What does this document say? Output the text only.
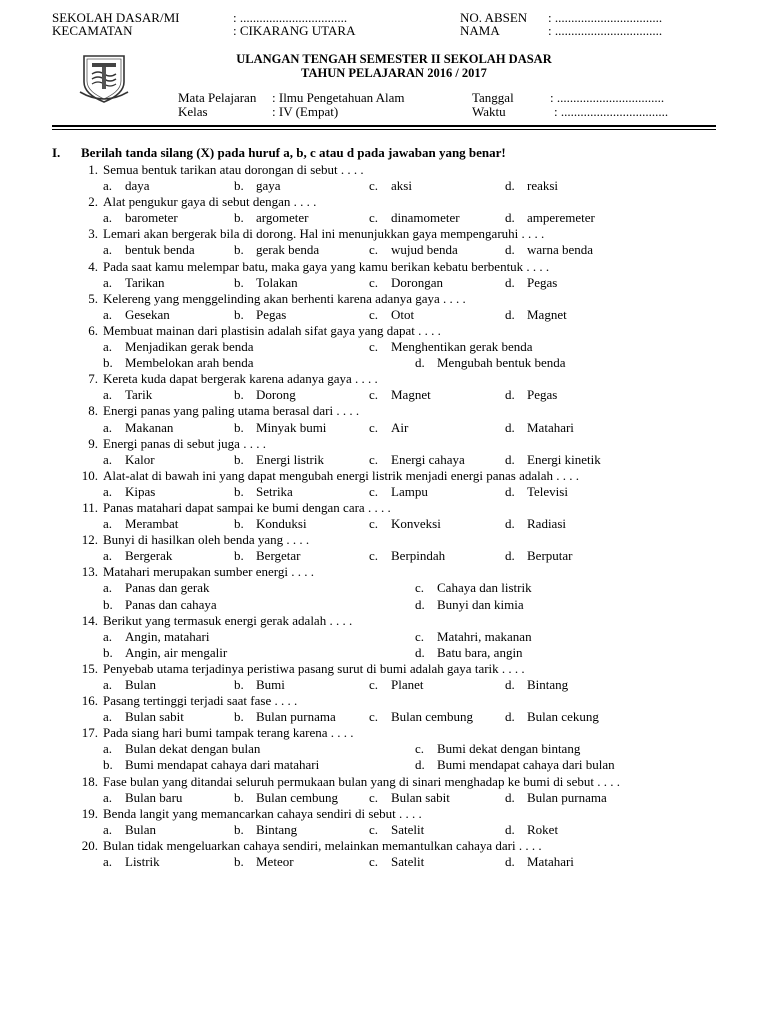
SEKOLAH DASAR/MI	: .................................
KECAMATAN	: CIKARANG UTARA
NO. ABSEN : .................................
NAMA	: .................................
ULANGAN TENGAH SEMESTER II SEKOLAH DASAR
TAHUN PELAJARAN 2016 / 2017
Mata Pelajaran : Ilmu Pengetahuan Alam
Kelas	: IV (Empat)
Tanggal	: .................................
Waktu	: .................................
I. Berilah tanda silang (X) pada huruf a, b, c atau d pada jawaban yang benar!
1. Semua bentuk tarikan atau dorongan di sebut . . . .
a. daya	b. gaya	c. aksi	d. reaksi
2. Alat pengukur gaya di sebut dengan . . . .
a. barometer	b. argometer	c. dinamometer	d. amperemeter
3. Lemari akan bergerak bila di dorong. Hal ini menunjukkan gaya mempengaruhi . . . .
a. bentuk benda	b. gerak benda	c. wujud benda	d. warna benda
4. Pada saat kamu melempar batu, maka gaya yang kamu berikan kebatu berbentuk . . . .
a. Tarikan	b. Tolakan	c. Dorongan	d. Pegas
5. Kelereng yang menggelinding akan berhenti karena adanya gaya . . . .
a. Gesekan	b. Pegas	c. Otot	d. Magnet
6. Membuat mainan dari plastisin adalah sifat gaya yang dapat . . . .
a. Menjadikan gerak benda	c. Menghentikan gerak benda
b. Membelokan arah benda	d. Mengubah bentuk benda
7. Kereta kuda dapat bergerak karena adanya gaya . . . .
a. Tarik	b. Dorong	c. Magnet	d. Pegas
8. Energi panas yang paling utama berasal dari . . . .
a. Makanan	b. Minyak bumi	c. Air	d. Matahari
9. Energi panas di sebut juga . . . .
a. Kalor	b. Energi listrik	c. Energi cahaya	d. Energi kinetik
10. Alat-alat di bawah ini yang dapat mengubah energi listrik menjadi energi panas adalah . . . .
a. Kipas	b. Setrika	c. Lampu	d. Televisi
11. Panas matahari dapat sampai ke bumi dengan cara . . . .
a. Merambat	b. Konduksi	c. Konveksi	d. Radiasi
12. Bunyi di hasilkan oleh benda yang . . . .
a. Bergerak	b. Bergetar	c. Berpindah	d. Berputar
13. Matahari merupakan sumber energi . . . .
a. Panas dan gerak	c. Cahaya dan listrik
b. Panas dan cahaya	d. Bunyi dan kimia
14. Berikut yang termasuk energi gerak adalah . . . .
a. Angin, matahari	c. Matahri, makanan
b. Angin, air mengalir	d. Batu bara, angin
15. Penyebab utama terjadinya peristiwa pasang surut di bumi adalah gaya tarik . . . .
a. Bulan	b. Bumi	c. Planet	d. Bintang
16. Pasang tertinggi terjadi saat fase . . . .
a. Bulan sabit	b. Bulan purnama	c. Bulan cembung d. Bulan cekung
17. Pada siang hari bumi tampak terang karena . . . .
a. Bulan dekat dengan bulan	c. Bumi dekat dengan bintang
b. Bumi mendapat cahaya dari matahari	d. Bumi mendapat cahaya dari bulan
18. Fase bulan yang ditandai seluruh permukaan bulan yang di sinari menghadap ke bumi di sebut . . . .
a. Bulan baru	b. Bulan cembung c. Bulan sabit	d. Bulan purnama
19. Benda langit yang memancarkan cahaya sendiri di sebut . . . .
a. Bulan	b. Bintang	c. Satelit	d. Roket
20. Bulan tidak mengeluarkan cahaya sendiri, melainkan memantulkan cahaya dari . . . .
a. Listrik	b. Meteor	c. Satelit	d. Matahari
